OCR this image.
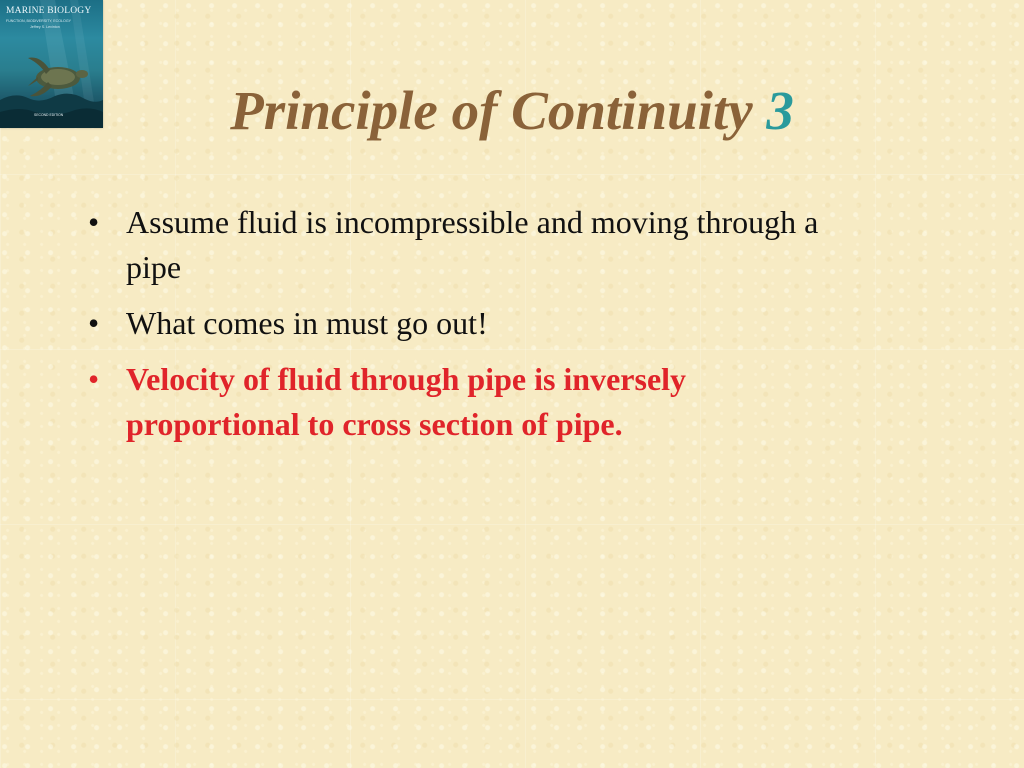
MARINE BIOLOGY
FUNCTION, BIODIVERSITY, ECOLOGY
Jeffrey S. Levinton
SECOND EDITION	Principle of Continuity 3
• Assume fluid is incompressible and moving through a pipe
• What comes in must go out!
• Velocity of fluid through pipe is inversely proportional to cross section of pipe.
